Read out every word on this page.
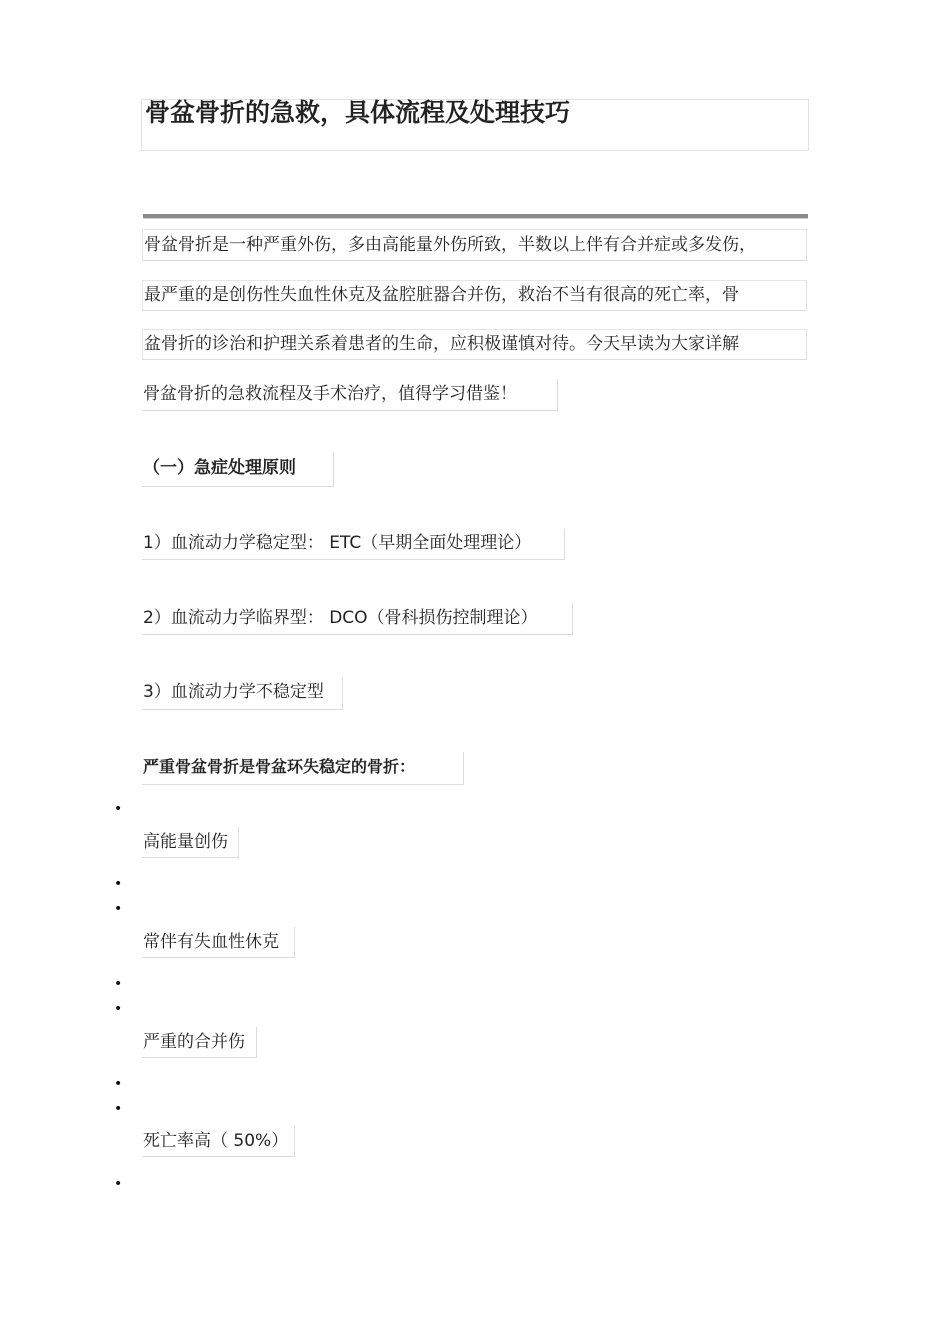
骨盆骨折的急救，具体流程及处理技巧
骨盆骨折是一种严重外伤，多由高能量外伤所致，半数以上伴有合并症或多发伤，
最严重的是创伤性失血性休克及盆腔脏器合并伤，救治不当有很高的死亡率，骨
盆骨折的诊治和护理关系着患者的生命，应积极谨慎对待。今天早读为大家详解
骨盆骨折的急救流程及手术治疗，值得学习借鉴！
（一）急症处理原则
1）血流动力学稳定型： ETC（早期全面处理理论）
2）血流动力学临界型： DCO（骨科损伤控制理论）
3）血流动力学不稳定型
严重骨盆骨折是骨盆环失稳定的骨折：
•
高能量创伤
•
•
常伴有失血性休克
•
•
严重的合并伤
•
•
死亡率高（ 50%）
•
